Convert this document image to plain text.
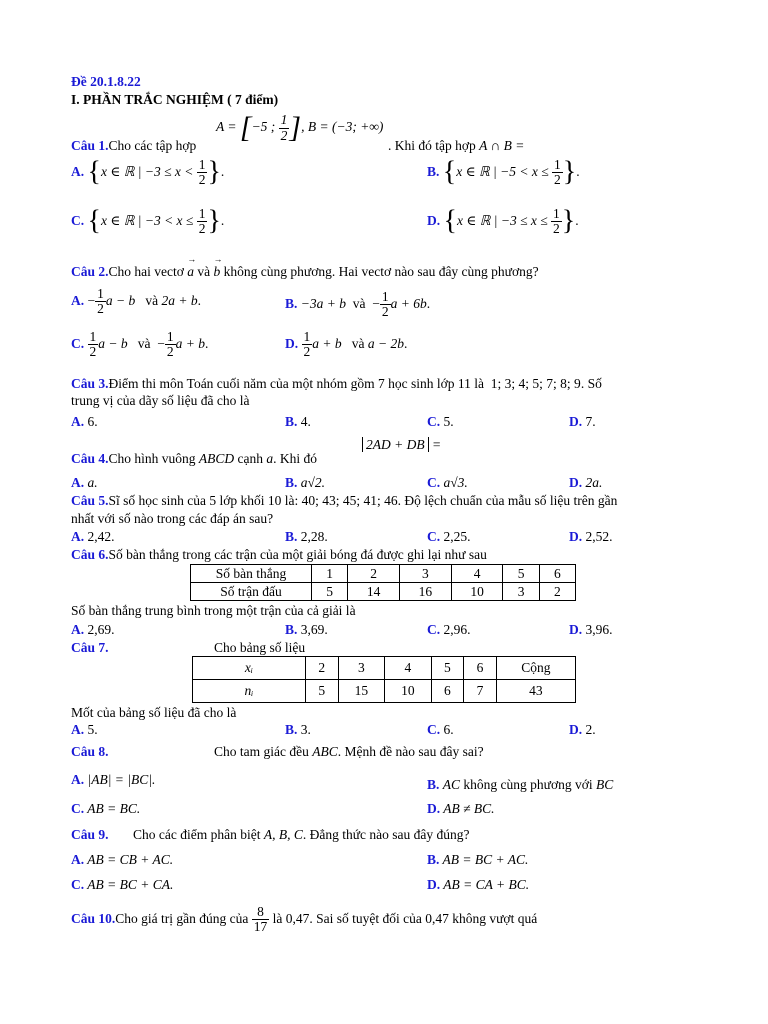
Đề 20.1.8.22
I. PHẦN TRẮC NGHIỆM ( 7 điểm)
Câu 1.Cho các tập hợp
A = [−5 ; $\frac{1}{2}$ ], B = (−3; +∞)
. Khi đó tập hợp A ∩ B =
A. {x ∈ ℝ | $-3 \le x < \frac{1}{2}$ }.	B. {x ∈ ℝ | $-5 < x \le \frac{1}{2}$ }.
C. {x ∈ ℝ | $-3 < x \le \frac{1}{2}$ }.	D. {x ∈ ℝ | $-3 \le x \le \frac{1}{2}$ }.
Câu 2.Cho hai vectơ → a và → b không cùng phương. Hai vectơ nào sau đây cùng phương?
A. − $\frac{1}{2}$ a − b và 2a + b.	B. −3a + b và  − $\frac{1}{2}$ a + 6b.
C. $\frac{1}{2}$ a − b và  − $\frac{1}{2}$ a + b.	D. $\frac{1}{2}$ a + b và a − 2b.
Câu 3.Điểm thi môn Toán cuối năm của một nhóm gồm 7 học sinh lớp 11 là 1; 3; 4; 5; 7; 8; 9. Số
trung vị của dãy số liệu đã cho là
A. 6.	B. 4.	C. 5.	D. 7.
Câu 4.Cho hình vuông ABCD cạnh a. Khi đó
2AD + DB =
A. a.	B. a√2.	C. a√3.	D. 2a.
Câu 5.Sĩ số học sinh của 5 lớp khối 10 là: 40; 43; 45; 41; 46. Độ lệch chuẩn của mẫu số liệu trên gần
nhất với số nào trong các đáp án sau?
A. 2,42.	B. 2,28.	C. 2,25.	D. 2,52.
Câu 6.Số bàn thắng trong các trận của một giải bóng đá được ghi lại như sau
Số bàn thắng	1	2	3	4	5	6
Số trận đấu	5	14	16	10	3	2
Số bàn thắng trung bình trong một trận của cả giải là
A. 2,69.	B. 3,69.	C. 2,96.	D. 3,96.
Câu 7.	Cho bảng số liệu
xᵢ	2	3	4	5	6	Cộng
nᵢ	5	15	10	6	7	43
Mốt của bảng số liệu đã cho là
A. 5.	B. 3.	C. 6.	D. 2.
Câu 8.	Cho tam giác đều ABC. Mệnh đề nào sau đây sai?
A. |AB| = |BC|.	B. AC không cùng phương với BC
C. AB = BC.	D. AB ≠ BC.
Câu 9. Cho các điểm phân biệt A, B, C. Đẳng thức nào sau đây đúng?
A. AB = CB + AC.	B. AB = BC + AC.
C. AB = BC + CA.	D. AB = CA + BC.
Câu 10.Cho giá trị gần đúng của $\frac{8}{17}$ là 0,47. Sai số tuyệt đối của 0,47 không vượt quá
